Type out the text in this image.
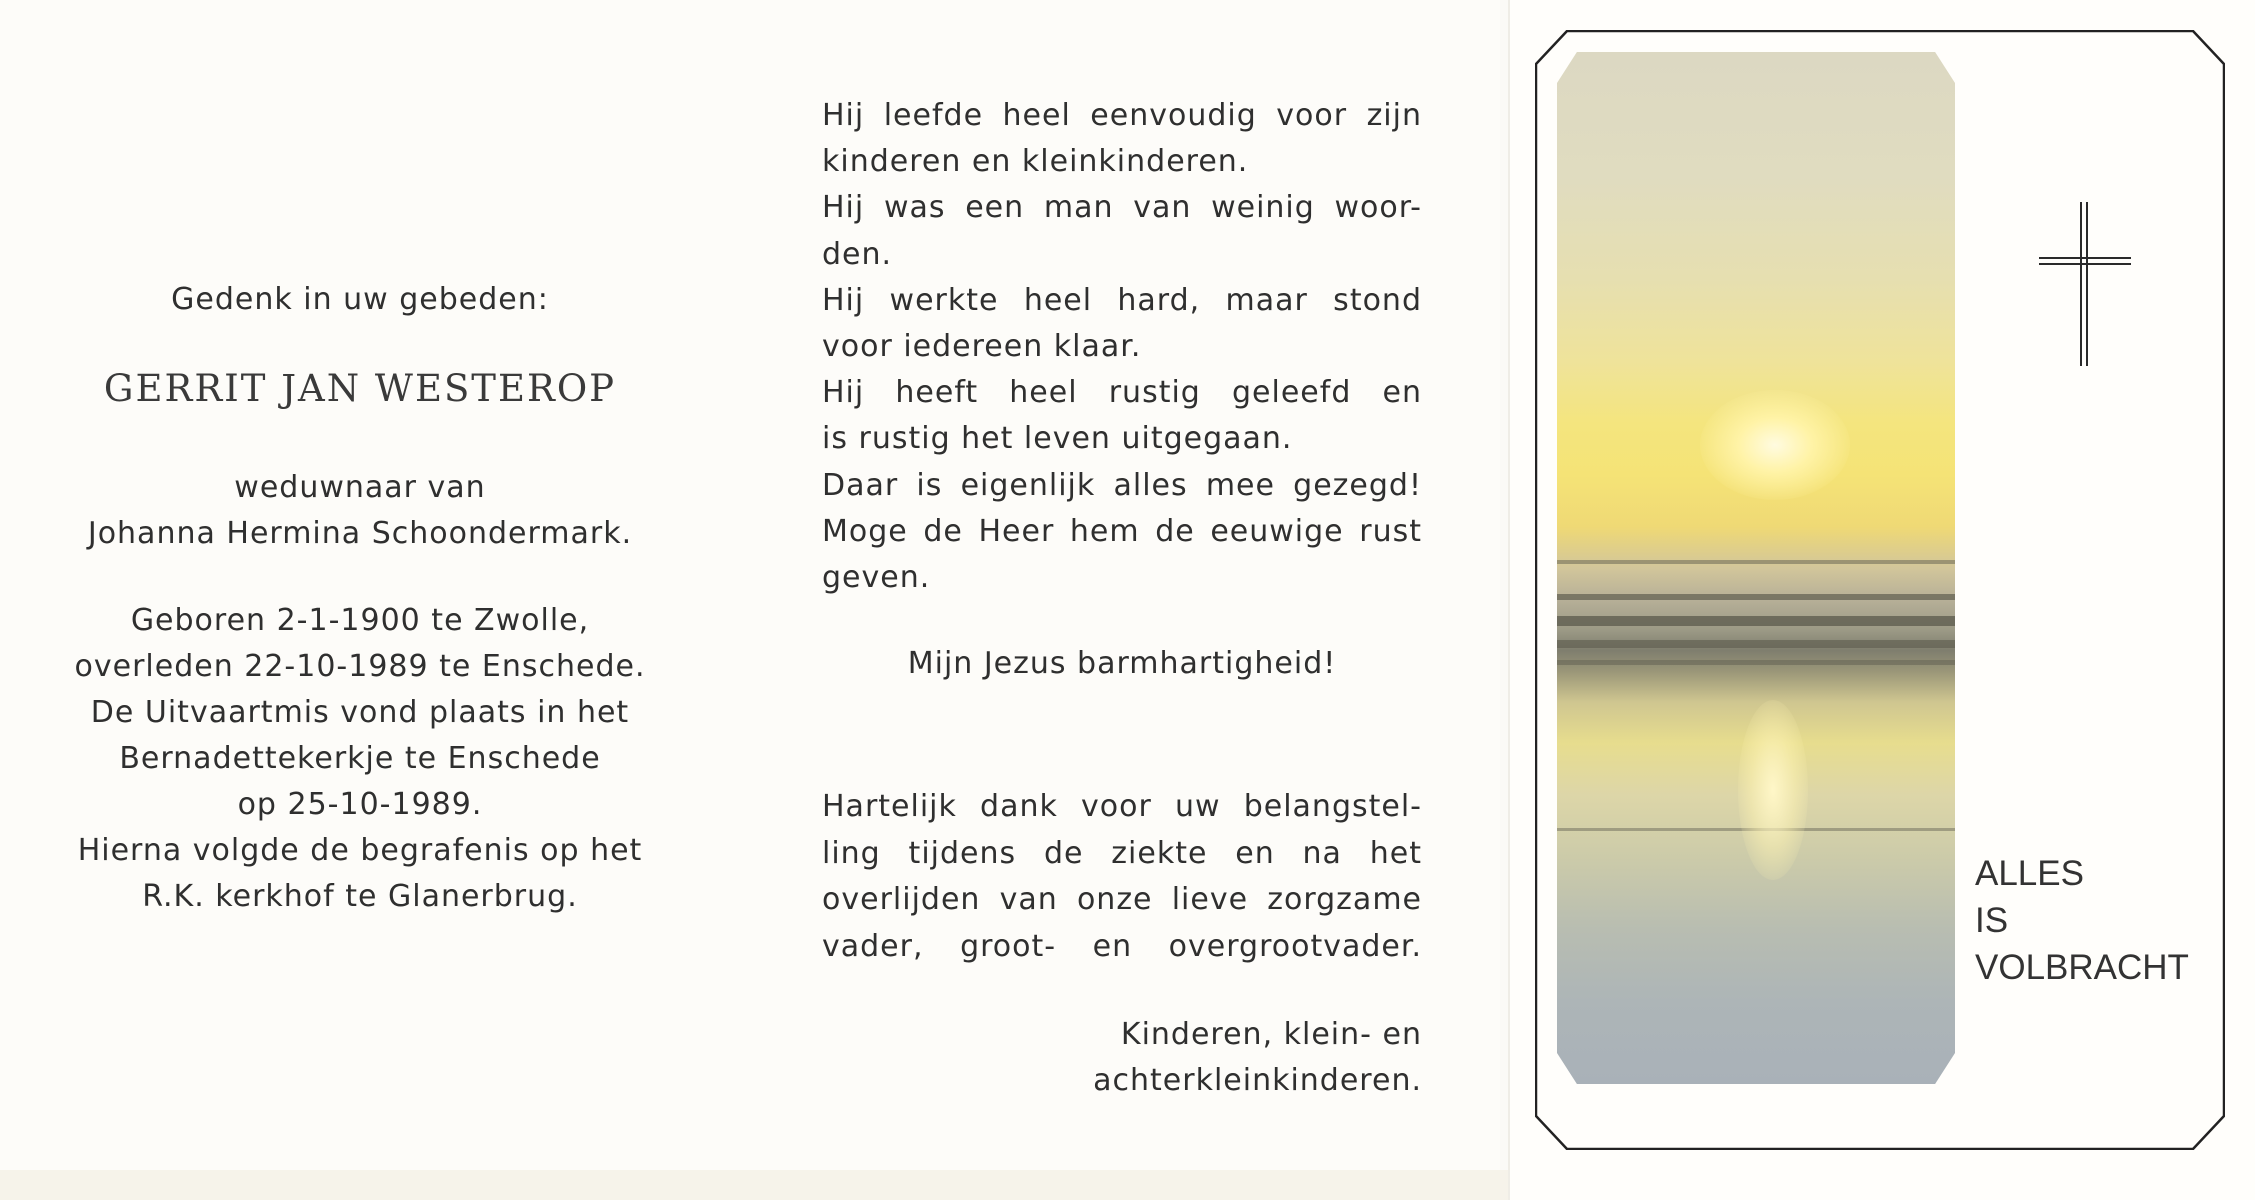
Gedenk in uw gebeden:
GERRIT JAN WESTEROP
weduwnaar van
Johanna Hermina Schoondermark.
Geboren 2-1-1900 te Zwolle,
overleden 22-10-1989 te Enschede.
De Uitvaartmis vond plaats in het
Bernadettekerkje te Enschede
op 25-10-1989.
Hierna volgde de begrafenis op het
R.K. kerkhof te Glanerbrug.
Hij leefde heel eenvoudig voor zijn
kinderen en kleinkinderen.
Hij was een man van weinig woor-
den.
Hij werkte heel hard, maar stond
voor iedereen klaar.
Hij heeft heel rustig geleefd en
is rustig het leven uitgegaan.
Daar is eigenlijk alles mee gezegd!
Moge de Heer hem de eeuwige rust
geven.
Mijn Jezus barmhartigheid!
Hartelijk dank voor uw belangstel-
ling tijdens de ziekte en na het
overlijden van onze lieve zorgzame
vader, groot- en overgrootvader.
Kinderen, klein- en
achterkleinkinderen.
ALLES
IS
VOLBRACHT
